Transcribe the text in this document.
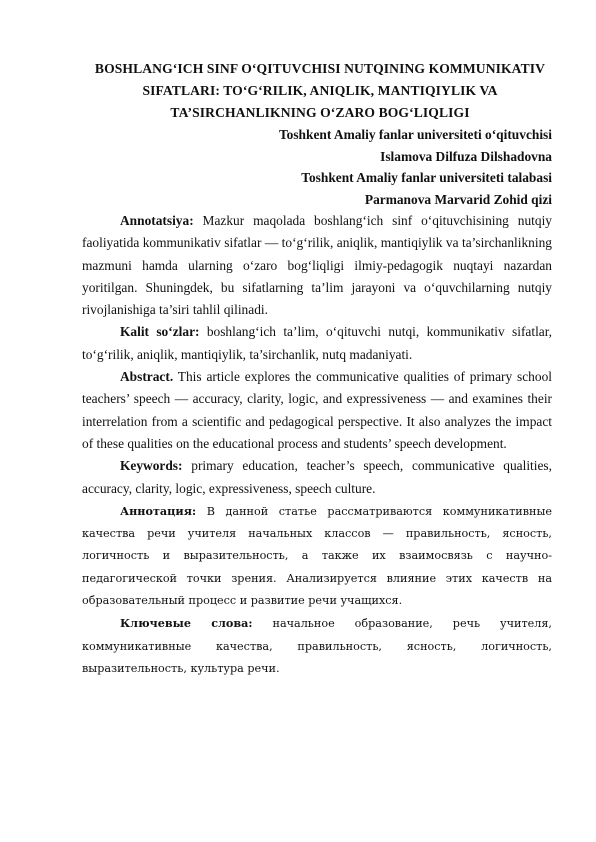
BOSHLANG‘ICH SINF O‘QITUVCHISI NUTQINING KOMMUNIKATIV
SIFATLARI: TO‘G‘RILIK, ANIQLIK, MANTIQIYLIK VA
TA’SIRCHANLIKNING O‘ZARO BOG‘LIQLIGI
Toshkent Amaliy fanlar universiteti o‘qituvchisi
Islamova Dilfuza Dilshadovna
Toshkent Amaliy fanlar universiteti talabasi
Parmanova Marvarid Zohid qizi

Annotatsiya: Mazkur maqolada boshlang‘ich sinf o‘qituvchisining nutqiy faoliyatida kommunikativ sifatlar — to‘g‘rilik, aniqlik, mantiqiylik va ta’sirchanlikning mazmuni hamda ularning o‘zaro bog‘liqligi ilmiy-pedagogik nuqtayi nazardan yoritilgan. Shuningdek, bu sifatlarning ta’lim jarayoni va o‘quvchilarning nutqiy rivojlanishiga ta’siri tahlil qilinadi.

Kalit so‘zlar: boshlang‘ich ta’lim, o‘qituvchi nutqi, kommunikativ sifatlar, to‘g‘rilik, aniqlik, mantiqiylik, ta’sirchanlik, nutq madaniyati.

Abstract. This article explores the communicative qualities of primary school teachers’ speech — accuracy, clarity, logic, and expressiveness — and examines their interrelation from a scientific and pedagogical perspective. It also analyzes the impact of these qualities on the educational process and students’ speech development.

Keywords: primary education, teacher’s speech, communicative qualities, accuracy, clarity, logic, expressiveness, speech culture.

Аннотация: В данной статье рассматриваются коммуникативные качества речи учителя начальных классов — правильность, ясность, логичность и выразительность, а также их взаимосвязь с научно-педагогической точки зрения. Анализируется влияние этих качеств на образовательный процесс и развитие речи учащихся.

Ключевые слова: начальное образование, речь учителя, коммуникативные качества, правильность, ясность, логичность, выразительность, культура речи.
